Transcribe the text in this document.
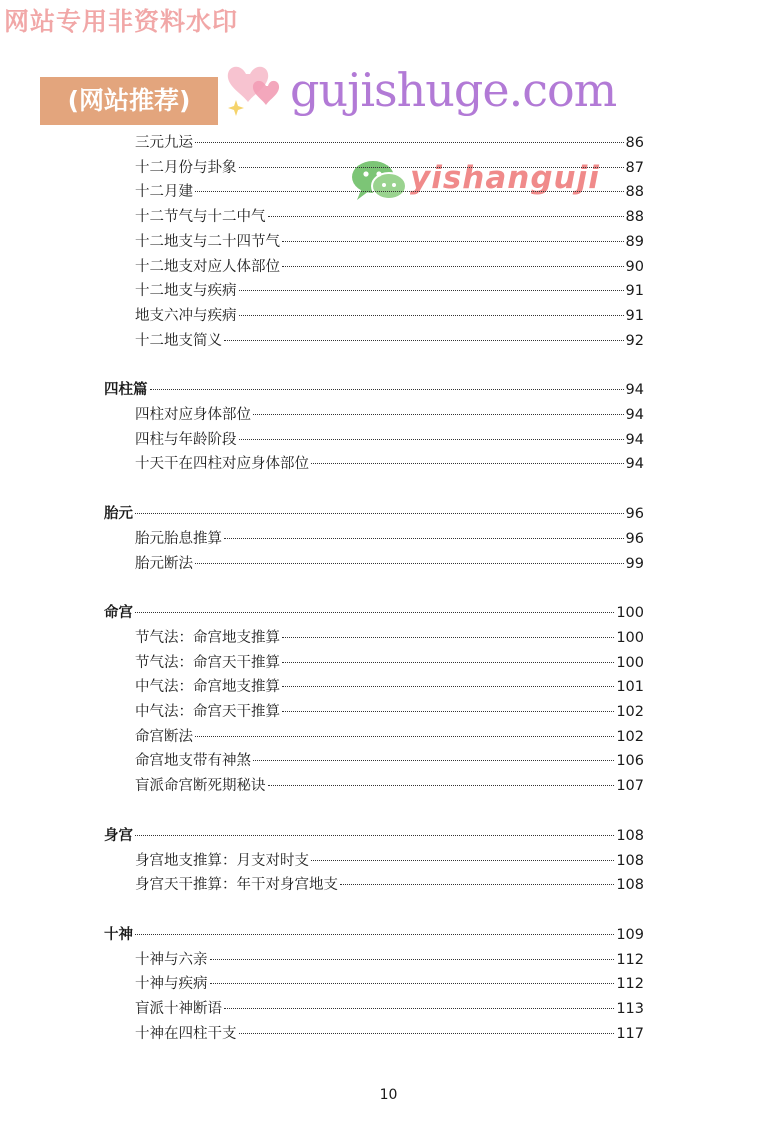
网站专用非资料水印
(网站推荐)	gujishuge.com
yishanguji
三元九运	86
十二月份与卦象	87
十二月建	88
十二节气与十二中气	88
十二地支与二十四节气	89
十二地支对应人体部位	90
十二地支与疾病	91
地支六冲与疾病	91
十二地支简义	92
四柱篇	94
四柱对应身体部位	94
四柱与年龄阶段	94
十天干在四柱对应身体部位	94
胎元	96
胎元胎息推算	96
胎元断法	99
命宫	100
节气法：命宫地支推算	100
节气法：命宫天干推算	100
中气法：命宫地支推算	101
中气法：命宫天干推算	102
命宫断法	102
命宫地支带有神煞	106
盲派命宫断死期秘诀	107
身宫	108
身宫地支推算：月支对时支	108
身宫天干推算：年干对身宫地支	108
十神	109
十神与六亲	112
十神与疾病	112
盲派十神断语	113
十神在四柱干支	117
10
